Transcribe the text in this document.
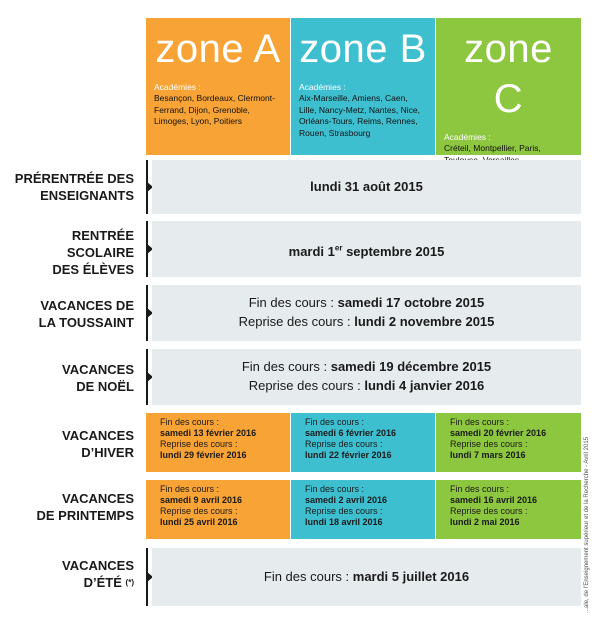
zone A
Académies :
Besançon, Bordeaux, Clermont-Ferrand, Dijon, Grenoble, Limoges, Lyon, Poitiers
zone B
Académies :
Aix-Marseille, Amiens, Caen, Lille, Nancy-Metz, Nantes, Nice, Orléans-Tours, Reims, Rennes, Rouen, Strasbourg
zone C
Académies :
Créteil, Montpellier, Paris,
PRÉRENTRÉE DES
ENSEIGNANTS
lundi 31 août 2015
RENTRÉE
SCOLAIRE
DES ÉLÈVES
mardi 1er septembre 2015
VACANCES DE
LA TOUSSAINT
Fin des cours : samedi 17 octobre 2015
Reprise des cours : lundi 2 novembre 2015
VACANCES
DE NOËL
Fin des cours : samedi 19 décembre 2015
Reprise des cours : lundi 4 janvier 2016
VACANCES
D’HIVER
Fin des cours :
samedi 13 février 2016
Reprise des cours :
lundi 29 février 2016
Fin des cours :
samedi 6 février 2016
Reprise des cours :
lundi 22 février 2016
Fin des cours :
samedi 20 février 2016
Reprise des cours :
lundi 7 mars 2016
VACANCES
DE PRINTEMPS
Fin des cours :
samedi 9 avril 2016
Reprise des cours :
lundi 25 avril 2016
Fin des cours :
samedi 2 avril 2016
Reprise des cours :
lundi 18 avril 2016
Fin des cours :
samedi 16 avril 2016
Reprise des cours :
lundi 2 mai 2016
VACANCES
D’ÉTÉ (*)	Fin des cours : mardi 5 juillet 2016	...ale, de l’Enseignement supérieur et de la Recherche - Avril 2015
